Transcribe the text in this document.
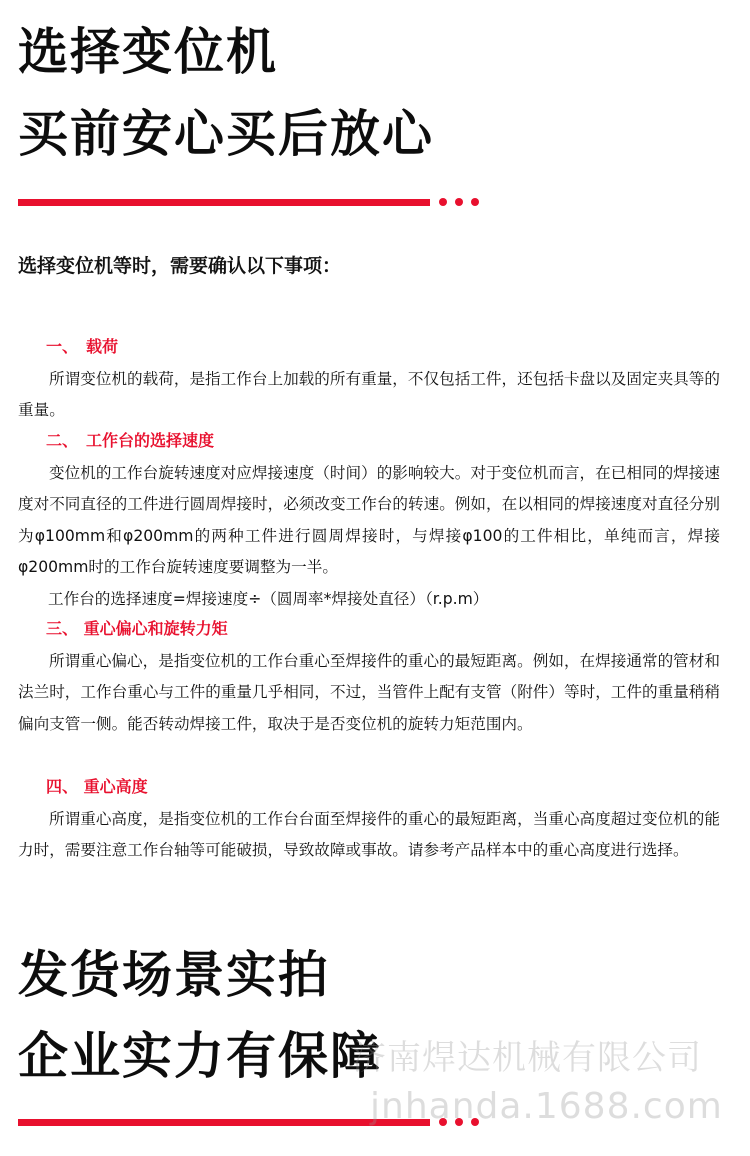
选择变位机
买前安心买后放心
选择变位机等时，需要确认以下事项：
一、　载荷

所谓变位机的载荷，是指工作台上加载的所有重量，不仅包括工件，还包括卡盘以及固定夹具等的重量。

二、　工作台的选择速度

变位机的工作台旋转速度对应焊接速度（时间）的影响较大。对于变位机而言，在已相同的焊接速度对不同直径的工件进行圆周焊接时，必须改变工作台的转速。例如，在以相同的焊接速度对直径分别为φ100mm和φ200mm的两种工件进行圆周焊接时，与焊接φ100的工件相比，单纯而言，焊接φ200mm时的工作台旋转速度要调整为一半。

工作台的选择速度=焊接速度÷（圆周率*焊接处直径）（r.p.m）
三、 重心偏心和旋转力矩

所谓重心偏心，是指变位机的工作台重心至焊接件的重心的最短距离。例如，在焊接通常的管材和法兰时，工作台重心与工件的重量几乎相同，不过，当管件上配有支管（附件）等时，工件的重量稍稍偏向支管一侧。能否转动焊接工件，取决于是否变位机的旋转力矩范围内。

四、 重心高度

所谓重心高度，是指变位机的工作台台面至焊接件的重心的最短距离，当重心高度超过变位机的能力时，需要注意工作台轴等可能破损，导致故障或事故。请参考产品样本中的重心高度进行选择。

发货场景实拍
企业实力有保障
济南焊达机械有限公司
jnhanda.1688.com
